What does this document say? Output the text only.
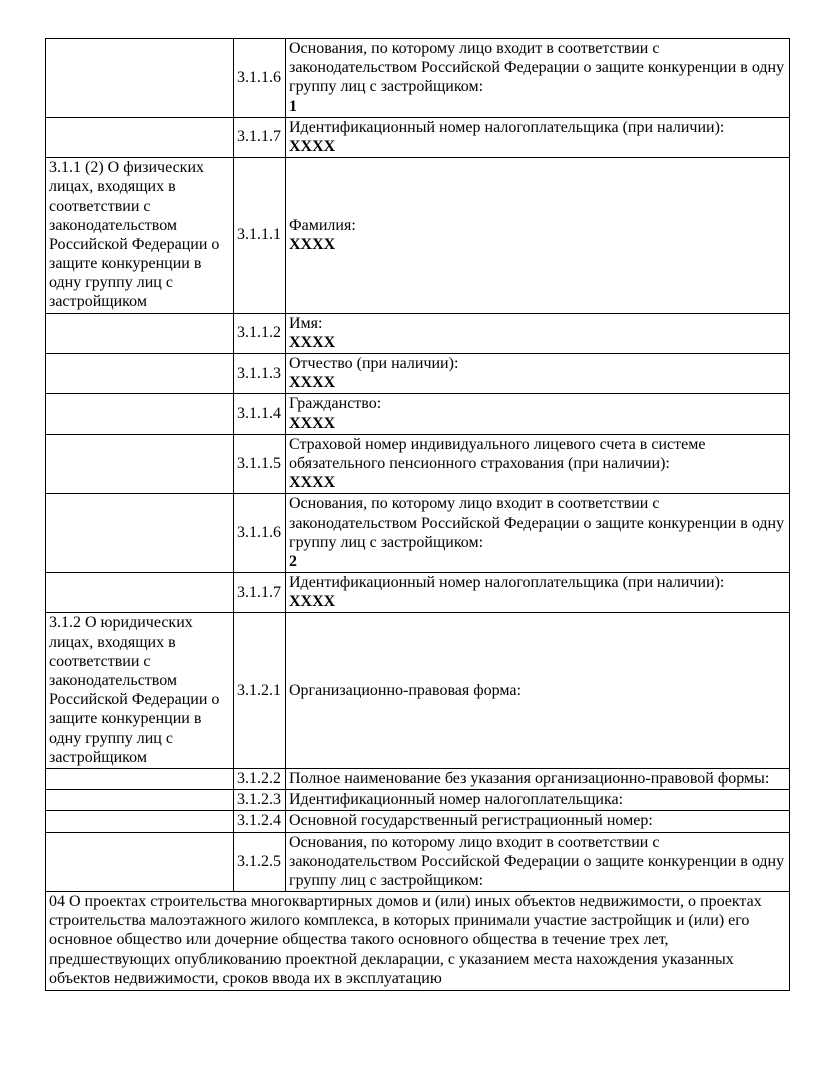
	3.1.1.6	Основания, по которому лицо входит в соответствии с законодательством Российской Федерации о защите конкуренции в одну группу лиц с застройщиком:
1

	3.1.1.7	Идентификационный номер налогоплательщика (при наличии):
ХХХХ

3.1.1 (2) О физических лицах, входящих в соответствии с законодательством Российской Федерации о защите конкуренции в одну группу лиц с застройщиком	3.1.1.1	Фамилия:
ХХХХ

	3.1.1.2	Имя:
ХХХХ

	3.1.1.3	Отчество (при наличии):
ХХХХ

	3.1.1.4	Гражданство:
ХХХХ

	3.1.1.5	Страховой номер индивидуального лицевого счета в системе обязательного пенсионного страхования (при наличии):
ХХХХ

	3.1.1.6	Основания, по которому лицо входит в соответствии с законодательством Российской Федерации о защите конкуренции в одну группу лиц с застройщиком:
2

	3.1.1.7	Идентификационный номер налогоплательщика (при наличии):
ХХХХ

3.1.2 О юридических лицах, входящих в соответствии с законодательством Российской Федерации о защите конкуренции в одну группу лиц с застройщиком	3.1.2.1	Организационно-правовая форма:

	3.1.2.2	Полное наименование без указания организационно-правовой формы:

	3.1.2.3	Идентификационный номер налогоплательщика:

	3.1.2.4	Основной государственный регистрационный номер:

	3.1.2.5	Основания, по которому лицо входит в соответствии с законодательством Российской Федерации о защите конкуренции в одну группу лиц с застройщиком:

04 О проектах строительства многоквартирных домов и (или) иных объектов недвижимости, о проектах строительства малоэтажного жилого комплекса, в которых принимали участие застройщик и (или) его основное общество или дочерние общества такого основного общества в течение трех лет, предшествующих опубликованию проектной декларации, с указанием места нахождения указанных объектов недвижимости, сроков ввода их в эксплуатацию		
